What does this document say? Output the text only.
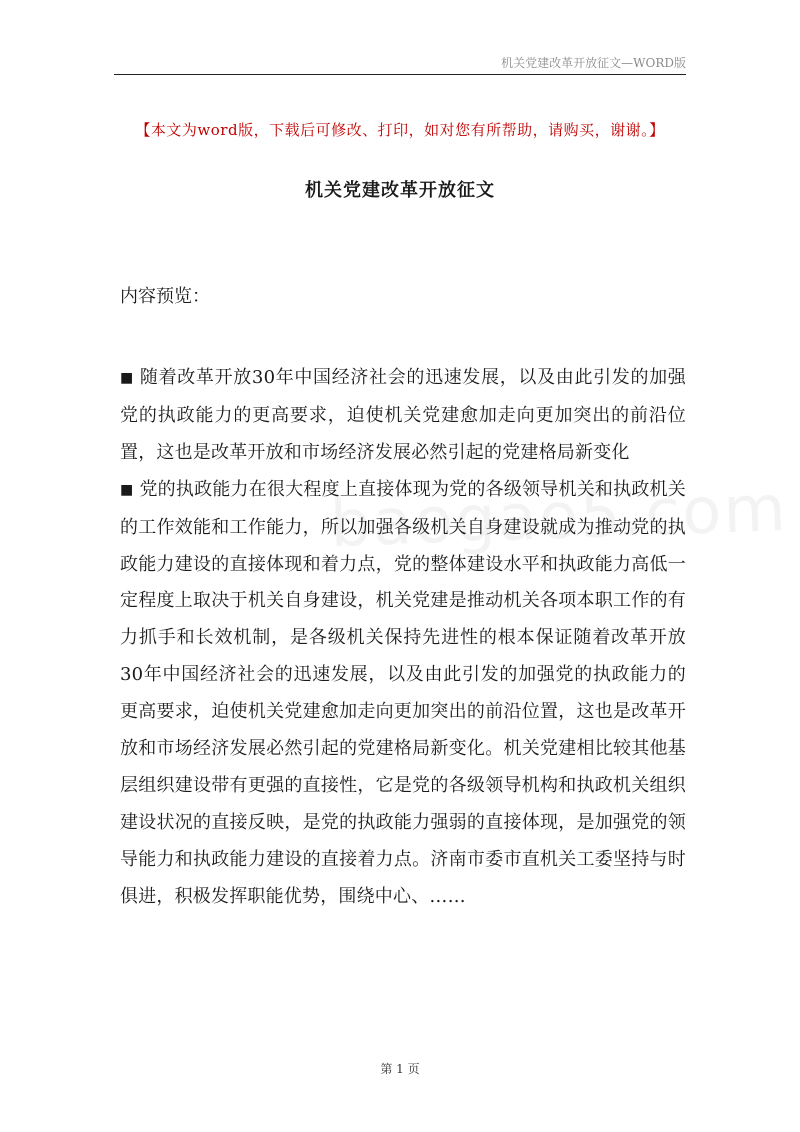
机关党建改革开放征文—WORD版
【本文为word版，下载后可修改、打印，如对您有所帮助，请购买，谢谢。】
机关党建改革开放征文
内容预览：

■ 随着改革开放30年中国经济社会的迅速发展，以及由此引发的加强党的执政能力的更高要求，迫使机关党建愈加走向更加突出的前沿位置，这也是改革开放和市场经济发展必然引起的党建格局新变化

■ 党的执政能力在很大程度上直接体现为党的各级领导机关和执政机关的工作效能和工作能力，所以加强各级机关自身建设就成为推动党的执政能力建设的直接体现和着力点，党的整体建设水平和执政能力高低一定程度上取决于机关自身建设，机关党建是推动机关各项本职工作的有力抓手和长效机制，是各级机关保持先进性的根本保证随着改革开放30年中国经济社会的迅速发展，以及由此引发的加强党的执政能力的更高要求，迫使机关党建愈加走向更加突出的前沿位置，这也是改革开放和市场经济发展必然引起的党建格局新变化。机关党建相比较其他基层组织建设带有更强的直接性，它是党的各级领导机构和执政机关组织建设状况的直接反映，是党的执政能力强弱的直接体现，是加强党的领导能力和执政能力建设的直接着力点。济南市委市直机关工委坚持与时俱进，积极发挥职能优势，围绕中心、……

第 1 页
